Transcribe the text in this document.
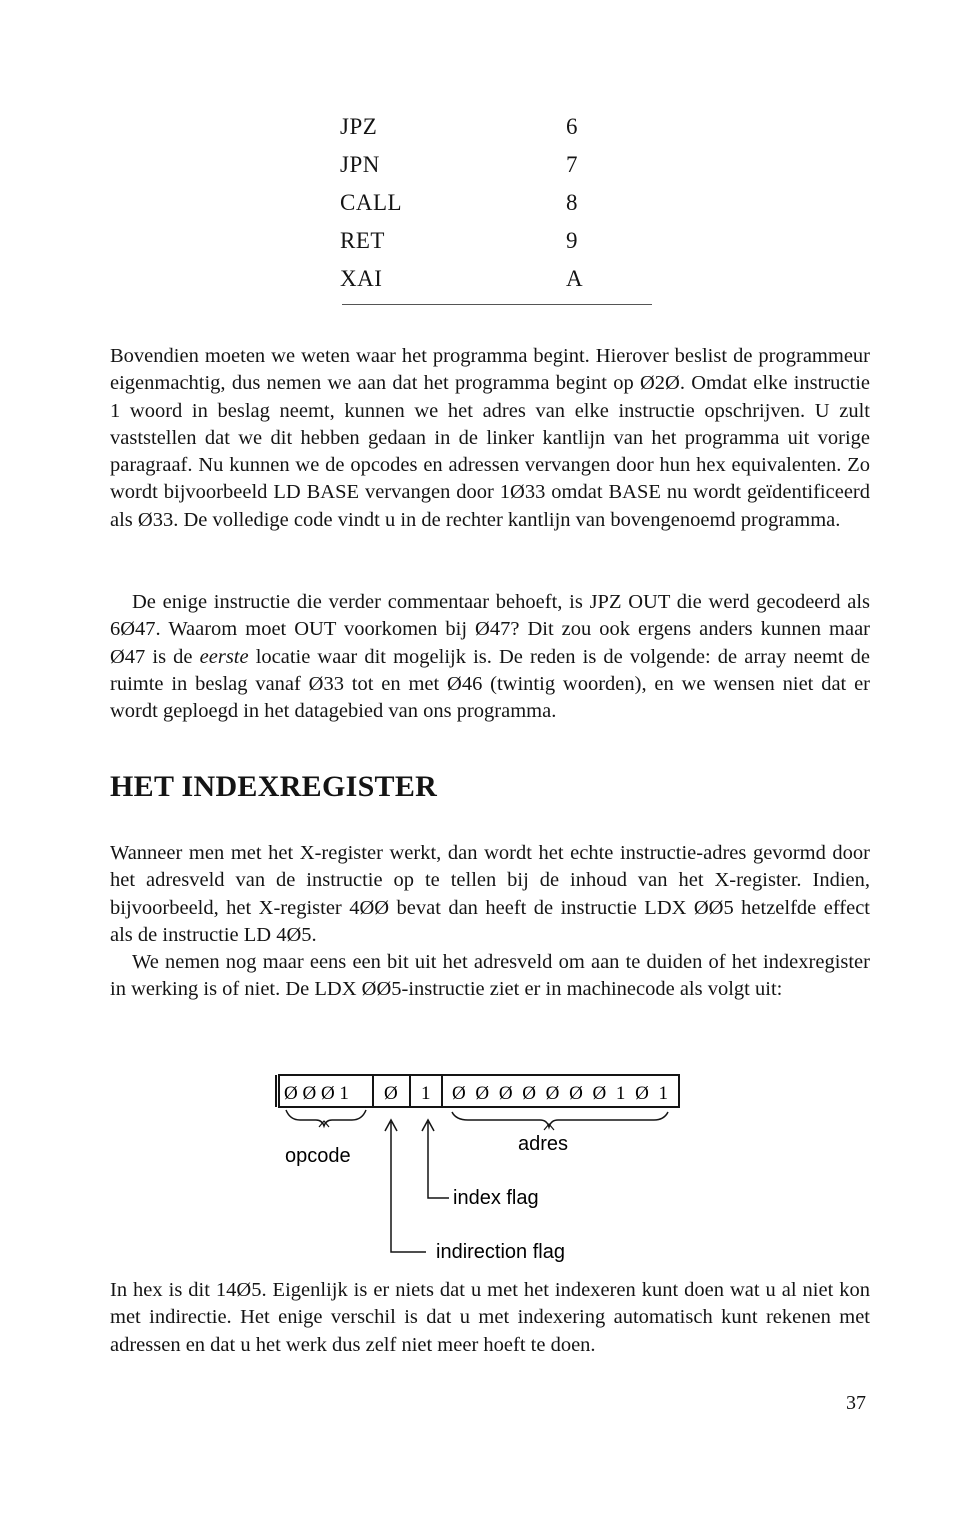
JPZ	6
JPN	7
CALL	8
RET	9
XAI	A

Bovendien moeten we weten waar het programma begint. Hierover beslist de programmeur eigenmachtig, dus nemen we aan dat het programma begint op Ø2Ø. Omdat elke instructie 1 woord in beslag neemt, kunnen we het adres van elke instructie opschrijven. U zult vaststellen dat we dit hebben gedaan in de linker kantlijn van het programma uit vorige paragraaf. Nu kunnen we de opcodes en adressen vervangen door hun hex equivalenten. Zo wordt bijvoorbeeld LD BASE vervangen door 1Ø33 omdat BASE nu wordt geïdentificeerd als Ø33. De volledige code vindt u in de rechter kantlijn van bovengenoemd programma.

De enige instructie die verder commentaar behoeft, is JPZ OUT die werd gecodeerd als 6Ø47. Waarom moet OUT voorkomen bij Ø47? Dit zou ook ergens anders kunnen maar Ø47 is de eerste locatie waar dit mogelijk is. De reden is de volgende: de array neemt de ruimte in beslag vanaf Ø33 tot en met Ø46 (twintig woorden), en we wensen niet dat er wordt geploegd in het datagebied van ons programma.

HET INDEXREGISTER

Wanneer men met het X-register werkt, dan wordt het echte instructie-adres gevormd door het adresveld van de instructie op te tellen bij de inhoud van het X-register. Indien, bijvoorbeeld, het X-register 4ØØ bevat dan heeft de instructie LDX ØØ5 hetzelfde effect als de instructie LD 4Ø5.

We nemen nog maar eens een bit uit het adresveld om aan te duiden of het indexregister in werking is of niet. De LDX ØØ5-instructie ziet er in machinecode als volgt uit:

Ø Ø Ø 1 Ø 1 Ø Ø Ø Ø Ø Ø Ø 1 Ø 1
opcode
adres
index flag
indirection flag

In hex is dit 14Ø5. Eigenlijk is er niets dat u met het indexeren kunt doen wat u al niet kon met indirectie. Het enige verschil is dat u met indexering automatisch kunt rekenen met adressen en dat u het werk dus zelf niet meer hoeft te doen.

37
